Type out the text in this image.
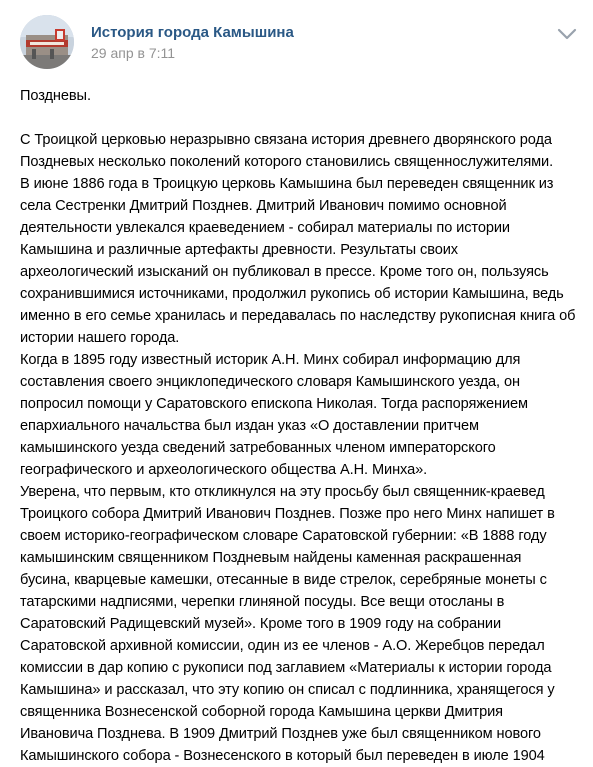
История города Камышина
29 апр в 7:11

Поздневы.

С Троицкой церковью неразрывно связана история древнего дворянского рода
Поздневых несколько поколений которого становились священнослужителями.
В июне 1886 года в Троицкую церковь Камышина был переведен священник из
села Сестренки Дмитрий Позднев. Дмитрий Иванович помимо основной
деятельности увлекался краеведением - собирал материалы по истории
Камышина и различные артефакты древности. Результаты своих
археологический изысканий он публиковал в прессе. Кроме того он, пользуясь
сохранившимися источниками, продолжил рукопись об истории Камышина, ведь
именно в его семье хранилась и передавалась по наследству рукописная книга об
истории нашего города.

Когда в 1895 году известный историк А.Н. Минх собирал информацию для
составления своего энциклопедического словаря Камышинского уезда, он
попросил помощи у Саратовского епископа Николая. Тогда распоряжением
епархиального начальства был издан указ «О доставлении притчем
камышинского уезда сведений затребованных членом императорского
географического и археологического общества А.Н. Минха».

Уверена, что первым, кто откликнулся на эту просьбу был священник-краевед
Троицкого собора Дмитрий Иванович Позднев. Позже про него Минх напишет в
своем историко-географическом словаре Саратовской губернии: «В 1888 году
камышинским священником Поздневым найдены каменная раскрашенная
бусина, кварцевые камешки, отесанные в виде стрелок, серебряные монеты с
татарскими надписями, черепки глиняной посуды. Все вещи отосланы в
Саратовский Радищевский музей». Кроме того в 1909 году на собрании
Саратовской архивной комиссии, один из ее членов - А.О. Жеребцов передал
комиссии в дар копию с рукописи под заглавием «Материалы к истории города
Камышина» и рассказал, что эту копию он списал с подлинника, хранящегося у
священника Вознесенской соборной города Камышина церкви Дмитрия
Ивановича Позднева. В 1909 Дмитрий Позднев уже был священником нового
Камышинского собора - Вознесенского в который был переведен в июле 1904
